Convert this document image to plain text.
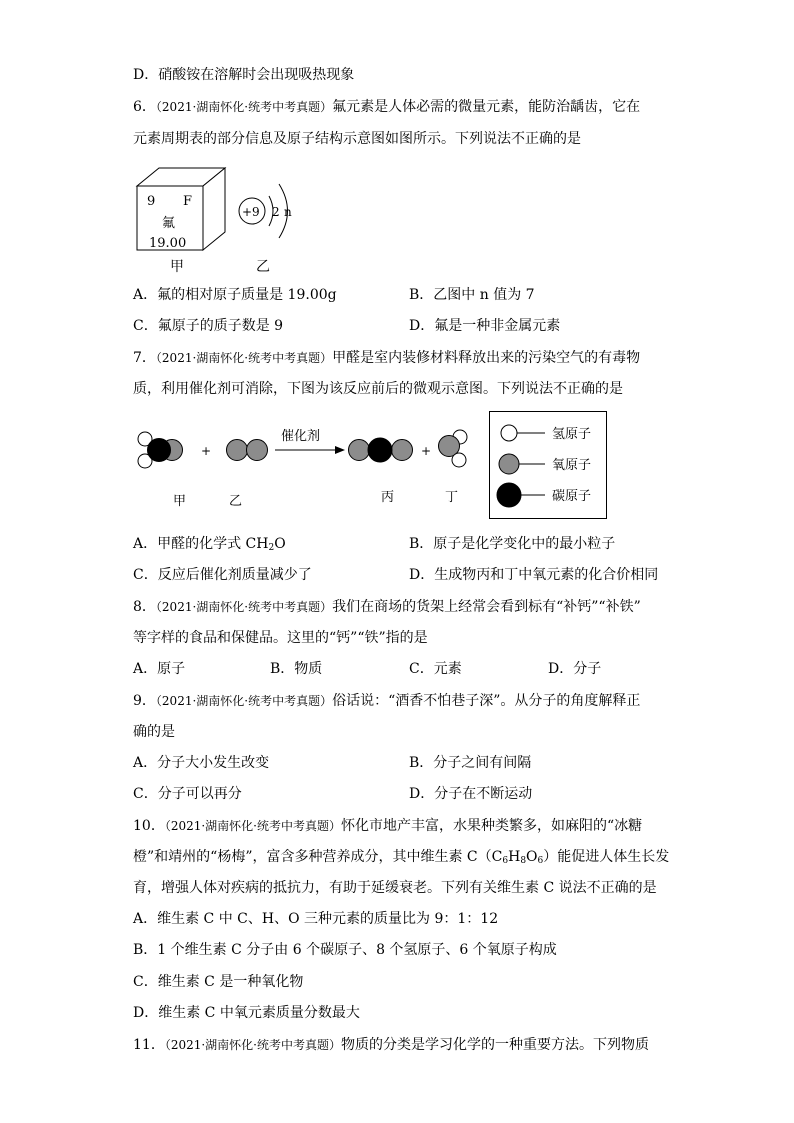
D．硝酸铵在溶解时会出现吸热现象
6．（2021·湖南怀化·统考中考真题）氟元素是人体必需的微量元素，能防治龋齿，它在
元素周期表的部分信息及原子结构示意图如图所示。下列说法不正确的是
9 F
氟
19.00
+9 2 n
甲	乙
A．氟的相对原子质量是 19.00g	B．乙图中 n 值为 7
C．氟原子的质子数是 9	D．氟是一种非金属元素
7．（2021·湖南怀化·统考中考真题）甲醛是室内装修材料释放出来的污染空气的有毒物
质，利用催化剂可消除，下图为该反应前后的微观示意图。下列说法不正确的是
+
催化剂
+
甲	乙	丙	丁
氢原子
氧原子
碳原子
A．甲醛的化学式 $CH_2O$	B．原子是化学变化中的最小粒子
C．反应后催化剂质量减少了	D．生成物丙和丁中氧元素的化合价相同
8．（2021·湖南怀化·统考中考真题）我们在商场的货架上经常会看到标有“补钙”“补铁”
等字样的食品和保健品。这里的“钙”“铁”指的是
A．原子	B．物质	C．元素	D．分子
9．（2021·湖南怀化·统考中考真题）俗话说：“酒香不怕巷子深”。从分子的角度解释正
确的是
A．分子大小发生改变	B．分子之间有间隔
C．分子可以再分	D．分子在不断运动
10．（2021·湖南怀化·统考中考真题）怀化市地产丰富，水果种类繁多，如麻阳的“冰糖
橙”和靖州的“杨梅”，富含多种营养成分，其中维生素 $C(C_6H_8O_6)$能促进人体生长发
育，增强人体对疾病的抵抗力，有助于延缓衰老。下列有关维生素 C 说法不正确的是
A．维生素 C 中 C、H、O 三种元素的质量比为 9：1：12
B．1 个维生素 C 分子由 6 个碳原子、8 个氢原子、6 个氧原子构成
C．维生素 C 是一种氧化物
D．维生素 C 中氧元素质量分数最大
11．（2021·湖南怀化·统考中考真题）物质的分类是学习化学的一种重要方法。下列物质
